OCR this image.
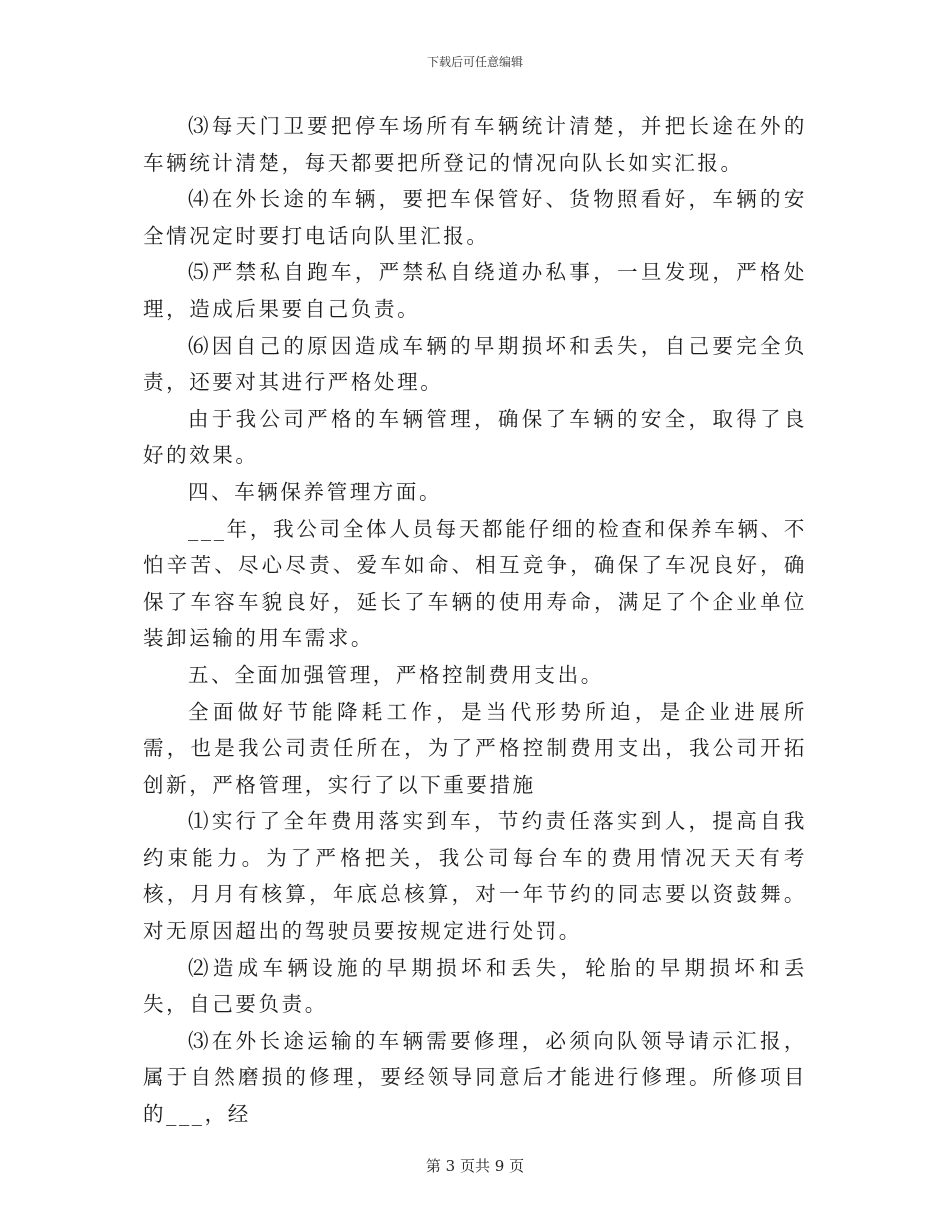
下载后可任意编辑

⑶每天门卫要把停车场所有车辆统计清楚，并把长途在外的车辆统计清楚，每天都要把所登记的情况向队长如实汇报。

⑷在外长途的车辆，要把车保管好、货物照看好，车辆的安全情况定时要打电话向队里汇报。

⑸严禁私自跑车，严禁私自绕道办私事，一旦发现，严格处理，造成后果要自己负责。

⑹因自己的原因造成车辆的早期损坏和丢失，自己要完全负责，还要对其进行严格处理。

由于我公司严格的车辆管理，确保了车辆的安全，取得了良好的效果。

四、车辆保养管理方面。

___年，我公司全体人员每天都能仔细的检查和保养车辆、不怕辛苦、尽心尽责、爱车如命、相互竞争，确保了车况良好，确保了车容车貌良好，延长了车辆的使用寿命，满足了个企业单位装卸运输的用车需求。

五、全面加强管理，严格控制费用支出。

全面做好节能降耗工作，是当代形势所迫，是企业进展所需，也是我公司责任所在，为了严格控制费用支出，我公司开拓创新，严格管理，实行了以下重要措施

⑴实行了全年费用落实到车，节约责任落实到人，提高自我约束能力。为了严格把关，我公司每台车的费用情况天天有考核，月月有核算，年底总核算，对一年节约的同志要以资鼓舞。对无原因超出的驾驶员要按规定进行处罚。

⑵造成车辆设施的早期损坏和丢失，轮胎的早期损坏和丢失，自己要负责。

⑶在外长途运输的车辆需要修理，必须向队领导请示汇报，属于自然磨损的修理，要经领导同意后才能进行修理。所修项目的___，经

第 3 页共 9 页
